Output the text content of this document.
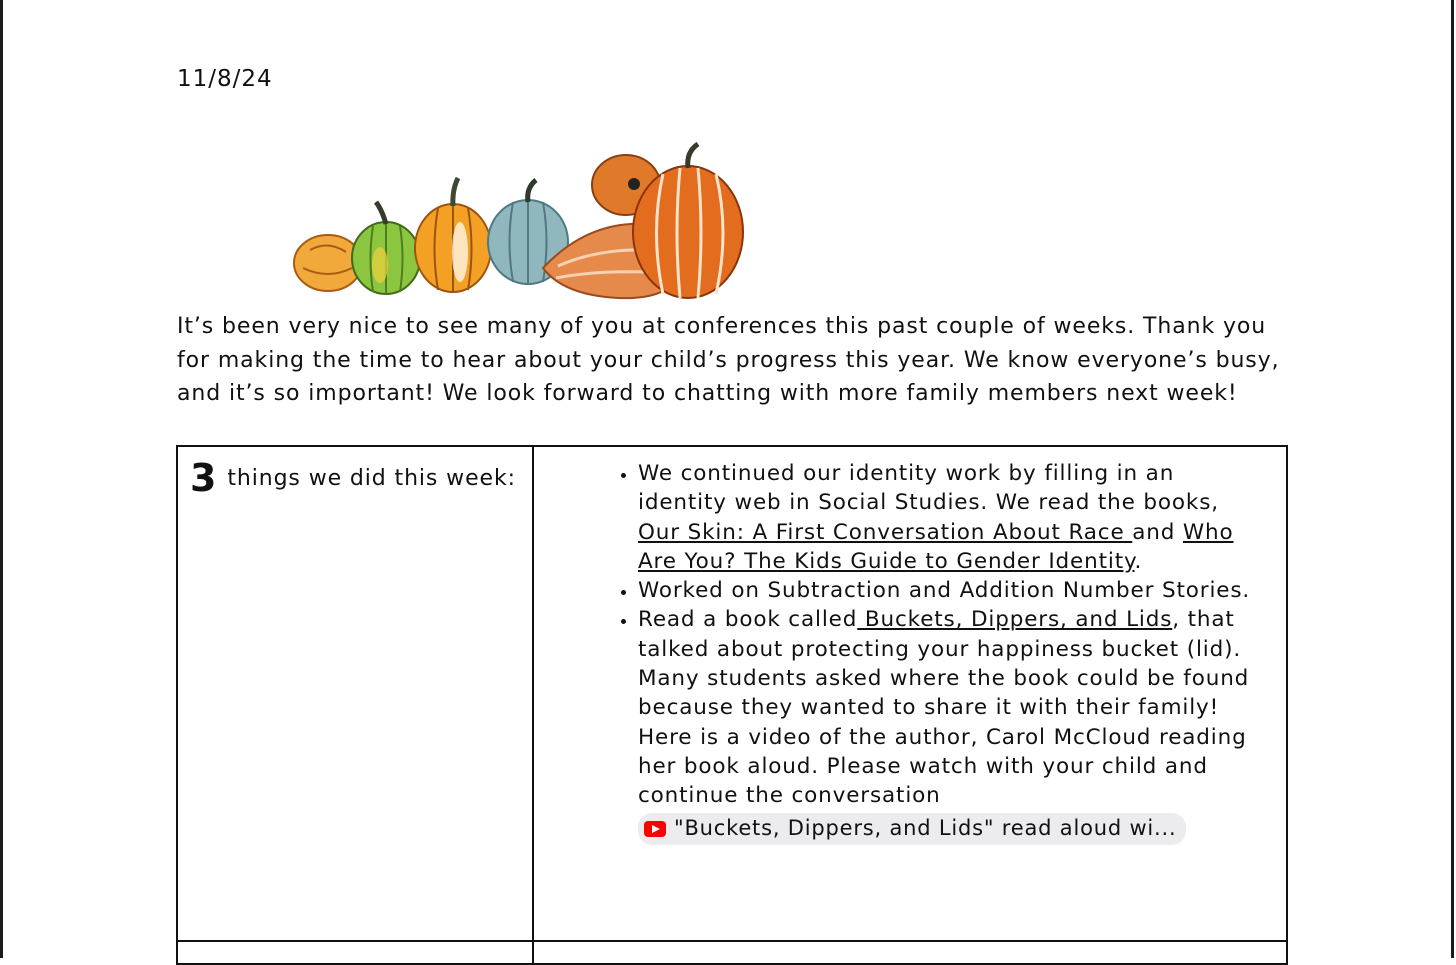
11/8/24

It’s been very nice to see many of you at conferences this past couple of weeks. Thank you for making the time to hear about your child’s progress this year. We know everyone’s busy, and it’s so important! We look forward to chatting with more family members next week!

3 things we did this week:
•	We continued our identity work by filling in an identity web in Social Studies. We read the books, Our Skin: A First Conversation About Race and Who Are You? The Kids Guide to Gender Identity.
• Worked on Subtraction and Addition Number Stories.
• Read a book called Buckets, Dippers, and Lids, that talked about protecting your happiness bucket (lid). Many students asked where the book could be found because they wanted to share it with their family! Here is a video of the author, Carol McCloud reading her book aloud. Please watch with your child and continue the conversation

"Buckets, Dippers, and Lids" read aloud wi...
